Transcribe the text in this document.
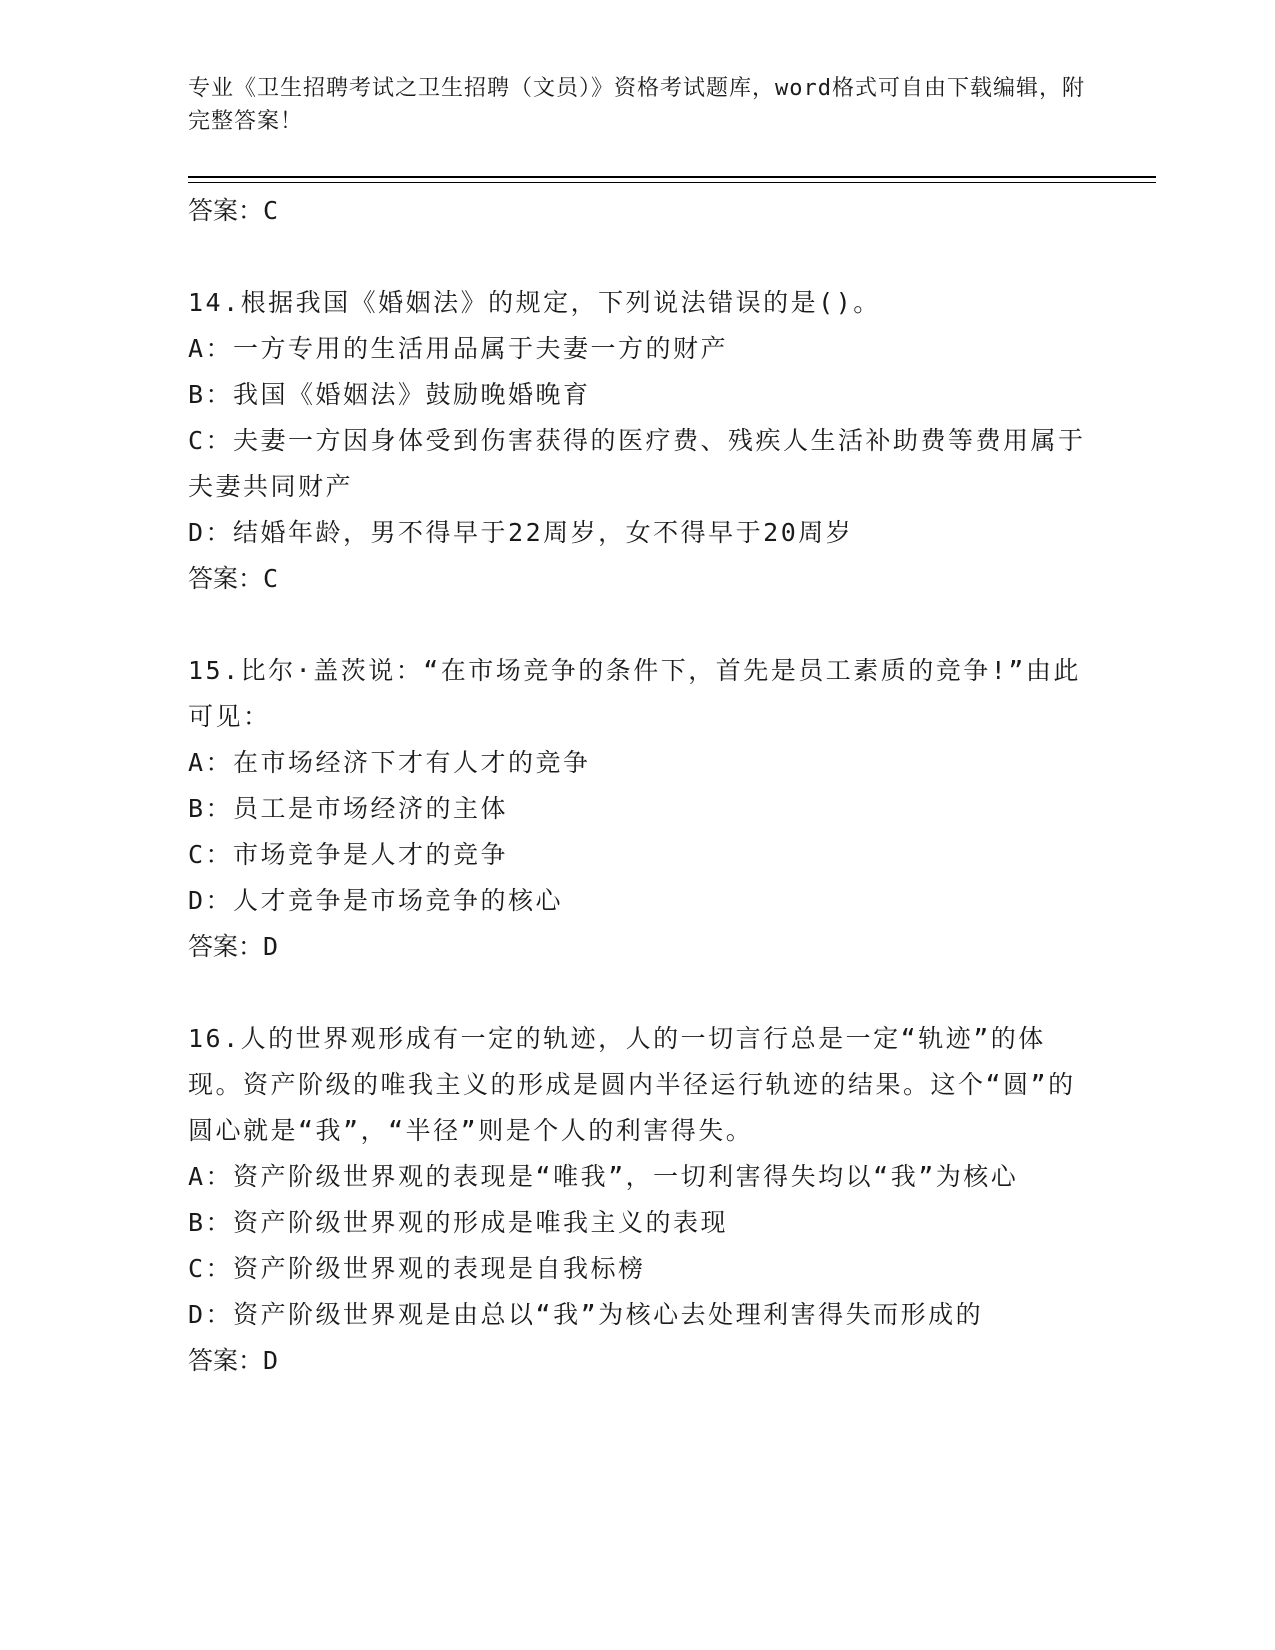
专业《卫生招聘考试之卫生招聘（文员）》资格考试题库，word格式可自由下载编辑，附完整答案！
答案：C
14.根据我国《婚姻法》的规定，下列说法错误的是()。
A：一方专用的生活用品属于夫妻一方的财产
B：我国《婚姻法》鼓励晚婚晚育
C：夫妻一方因身体受到伤害获得的医疗费、残疾人生活补助费等费用属于夫妻共同财产
D：结婚年龄，男不得早于22周岁，女不得早于20周岁
答案：C
15.比尔·盖茨说：“在市场竞争的条件下，首先是员工素质的竞争!”由此可见：
A：在市场经济下才有人才的竞争
B：员工是市场经济的主体
C：市场竞争是人才的竞争
D：人才竞争是市场竞争的核心
答案：D
16.人的世界观形成有一定的轨迹，人的一切言行总是一定“轨迹”的体现。资产阶级的唯我主义的形成是圆内半径运行轨迹的结果。这个“圆”的圆心就是“我”，“半径”则是个人的利害得失。
A：资产阶级世界观的表现是“唯我”，一切利害得失均以“我”为核心
B：资产阶级世界观的形成是唯我主义的表现
C：资产阶级世界观的表现是自我标榜
D：资产阶级世界观是由总以“我”为核心去处理利害得失而形成的
答案：D
